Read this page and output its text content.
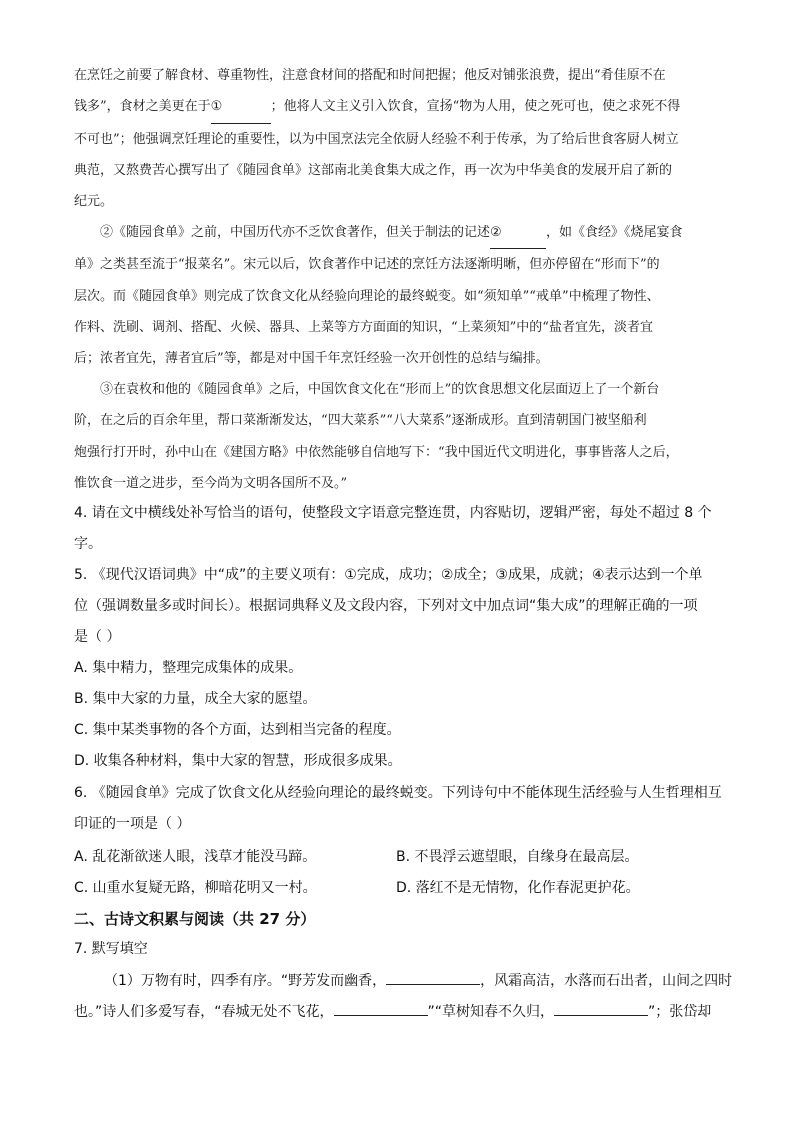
在烹饪之前要了解食材、尊重物性，注意食材间的搭配和时间把握；他反对铺张浪费，提出“肴佳原不在
钱多”，食材之美更在于①	；他将人文主义引入饮食，宣扬“物为人用，使之死可也，使之求死不得
不可也”；他强调烹饪理论的重要性，以为中国烹法完全依厨人经验不利于传承，为了给后世食客厨人树立
典范，又熬费苦心撰写出了《随园食单》这部南北美食集大成之作，再一次为中华美食的发展开启了新的
纪元。
②《随园食单》之前，中国历代亦不乏饮食著作，但关于制法的记述②	，如《食经》《烧尾宴食
单》之类甚至流于“报菜名”。宋元以后，饮食著作中记述的烹饪方法逐渐明晰，但亦停留在“形而下”的
层次。而《随园食单》则完成了饮食文化从经验向理论的最终蜕变。如“须知单”“戒单”中梳理了物性、
作料、洗刷、调剂、搭配、火候、器具、上菜等方方面面的知识，“上菜须知”中的“盐者宜先，淡者宜
后；浓者宜先，薄者宜后”等，都是对中国千年烹饪经验一次开创性的总结与编排。
③在袁枚和他的《随园食单》之后，中国饮食文化在“形而上”的饮食思想文化层面迈上了一个新台
阶，在之后的百余年里，帮口菜渐渐发达，“四大菜系”“八大菜系”逐渐成形。直到清朝国门被坚船利
炮强行打开时，孙中山在《建国方略》中依然能够自信地写下：“我中国近代文明进化，事事皆落人之后，
惟饮食一道之进步，至今尚为文明各国所不及。”
4. 请在文中横线处补写恰当的语句，使整段文字语意完整连贯，内容贴切，逻辑严密，每处不超过 8 个
字。
5. 《现代汉语词典》中“成”的主要义项有：①完成，成功；②成全；③成果，成就；④表示达到一个单
位（强调数量多或时间长）。根据词典释义及文段内容，下列对文中加点词“集大成”的理解正确的一项
是（ ）
A. 集中精力，整理完成集体的成果。
B. 集中大家的力量，成全大家的愿望。
C. 集中某类事物的各个方面，达到相当完备的程度。
D. 收集各种材料，集中大家的智慧，形成很多成果。
6. 《随园食单》完成了饮食文化从经验向理论的最终蜕变。下列诗句中不能体现生活经验与人生哲理相互
印证的一项是（ ）
A. 乱花渐欲迷人眼，浅草才能没马蹄。	B. 不畏浮云遮望眼，自缘身在最高层。
C. 山重水复疑无路，柳暗花明又一村。	D. 落红不是无情物，化作春泥更护花。
二、古诗文积累与阅读（共 27 分）
7. 默写填空
（1）万物有时，四季有序。“野芳发而幽香，	，风霜高洁，水落而石出者，山间之四时
也。”诗人们多爱写春，“春城无处不飞花，	”“草树知春不久归，	”；张岱却
